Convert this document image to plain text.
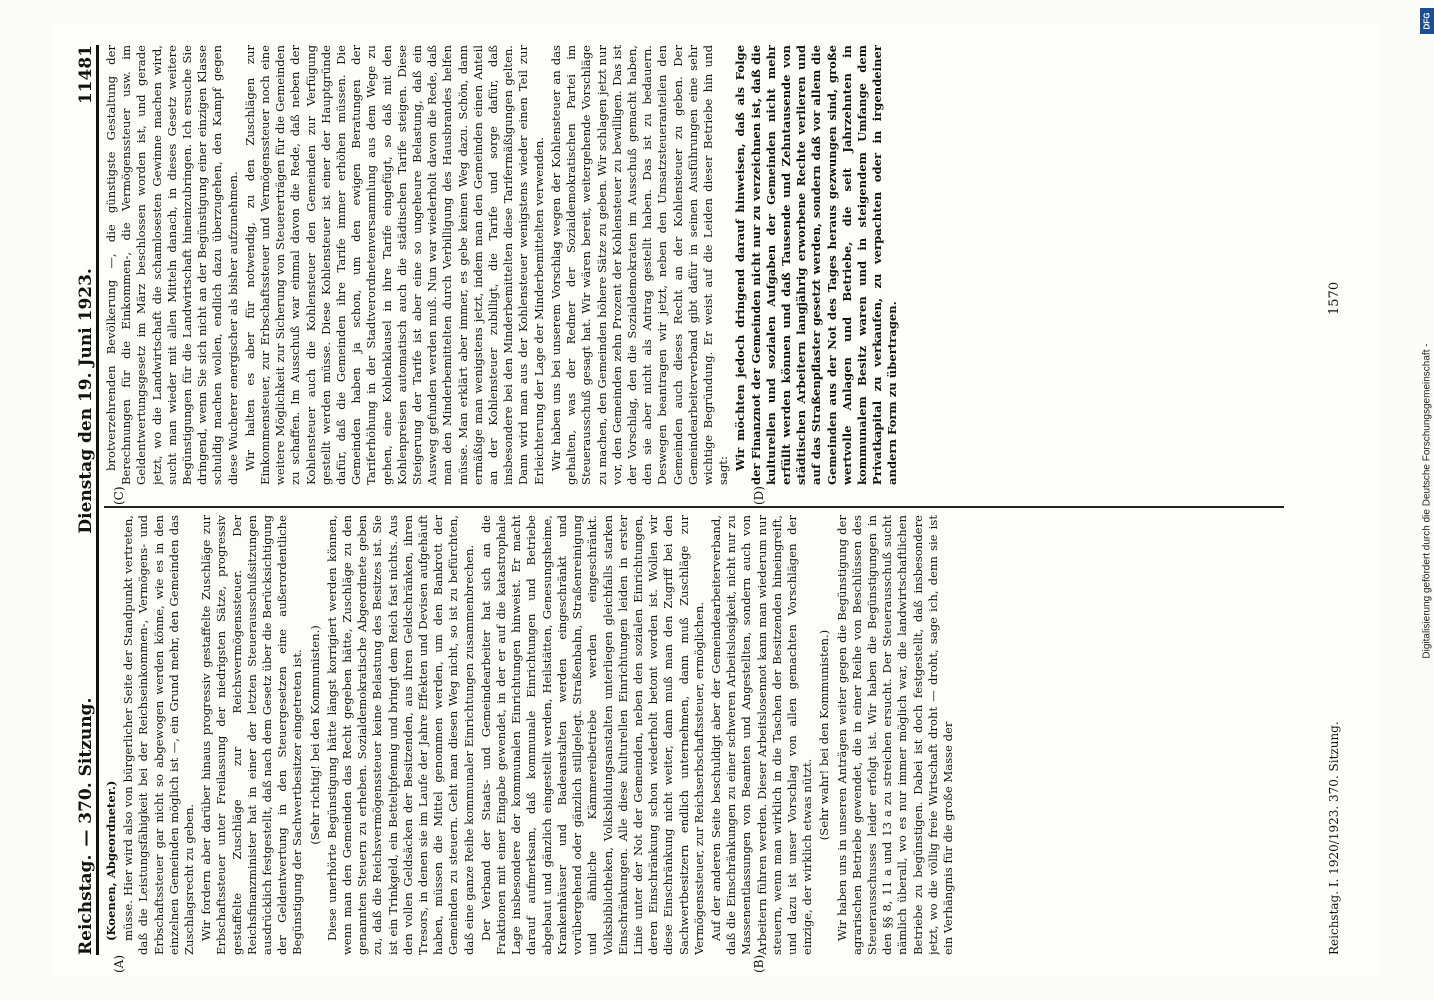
Reichstag.
— 370. Sitzung.
Dienstag den 19. Juni 1923.
11481

(Koenen, Abgeordneter.) müsse. Hier wird also von bürgerlicher Seite der Standpunkt vertreten, daß die Leistungsfähigkeit bei der Reichseinkommen-, Vermögens- und Erbschaftssteuer gar nicht so abgewogen werden könne, wie es in den einzelnen Gemeinden möglich ist —, ein Grund mehr, den Gemeinden das Zuschlagsrecht zu geben. Wir fordern aber darüber hinaus progressiv gestaffelte Zuschläge zur Erbschaftssteuer unter Freilassung der niedrigsten Sätze, progressiv gestaffelte Zuschläge zur Reichsvermögenssteuer. Der Reichsfinanzminister hat in einer der letzten Steuerausschußsitzungen ausdrücklich festgestellt, daß nach dem Gesetz über die Berücksichtigung der Geldentwertung in den Steuergesetzen eine außerordentliche Begünstigung der Sachwertbesitzer eingetreten ist. (Sehr richtig! bei den Kommunisten.) Diese unerhörte Begünstigung hätte längst korrigiert werden können, wenn man den Gemeinden das Recht gegeben hätte, Zuschläge zu den genannten Steuern zu erheben. Sozialdemokratische Abgeordnete geben zu, daß die Reichsvermögenssteuer keine Belastung des Besitzes ist. Sie ist ein Trinkgeld, ein Betteltpfennig und bringt dem Reich fast nichts. Aus den vollen Geldsäcken der Besitzenden, aus ihren Geldschränken, ihren Tresors, in denen sie im Laufe der Jahre Effekten und Devisen aufgehäuft haben, müssen die Mittel genommen werden, um den Bankrott der Gemeinden zu steuern. Geht man diesen Weg nicht, so ist zu befürchten, daß eine ganze Reihe kommunaler Einrichtungen zusammenbrechen. Der Verband der Staats- und Gemeindearbeiter hat sich an die Fraktionen mit einer Eingabe gewendet, in der er auf die katastrophale Lage insbesondere der kommunalen Einrichtungen hinweist. Er macht darauf aufmerksam, daß kommunale Einrichtungen und Betriebe abgebaut und gänzlich eingestellt werden, Heilstätten, Genesungsheime, Krankenhäuser und Badeanstalten werden eingeschränkt und vorübergehend oder gänzlich stillgelegt. Straßenbahn, Straßenreinigung und ähnliche Kämmereibetriebe werden eingeschränkt. Volksbibliotheken, Volksbildungsanstalten unterliegen gleichfalls starken Einschränkungen. Alle diese kulturellen Einrichtungen leiden in erster Linie unter der Not der Gemeinden, neben den sozialen Einrichtungen, deren Einschränkung schon wiederholt betont worden ist. Wollen wir diese Einschränkung nicht weiter, dann muß man den Zugriff bei den Sachwertbesitzern endlich unternehmen, dann muß Zuschläge zur Vermögenssteuer, zur Reichserbschaftssteuer, ermöglichen. Auf der anderen Seite beschuldigt aber der Gemeindearbeiterverband, daß die Einschränkungen zu einer schweren Arbeitslosigkeit, nicht nur zu Massenentlassungen von Beamten und Angestellten, sondern auch von Arbeitern führen werden. Dieser Arbeitslosennot kann man wiederum nur steuern, wenn man wirklich in die Taschen der Besitzenden hineingreift, und dazu ist unser Vorschlag von allen gemachten Vorschlägen der einzige, der wirklich etwas nützt.

(Sehr wahr! bei den Kommunisten.) Wir haben uns in unseren Anträgen weiter gegen die Begünstigung der agrarischen Betriebe gewendet, die in einer Reihe von Beschlüssen des Steuerausschusses leider erfolgt ist. Wir haben die Begünstigungen in den §§ 8, 11 a und 13 a zu streichen ersucht. Der Steuerausschuß sucht nämlich überall, wo es nur immer möglich war, die landwirtschaftlichen Betriebe zu begünstigen. Dabei ist doch festgestellt, daß insbesondere jetzt, wo die völlig freie Wirtschaft droht — droht, sage ich, denn sie ist ein Verhängnis für die große Masse der

brotverzehrenden Bevölkerung —, die günstigste Gestaltung der Berechnungen für die Einkommen-, die Vermögenssteuer usw. im Geldentwertungsgesetz im März beschlossen worden ist, und gerade jetzt, wo die Landwirtschaft die schamlosesten Gewinne machen wird, sucht man wieder mit allen Mitteln danach, in dieses Gesetz weitere Begünstigungen für die Landwirtschaft hineinzubringen. Ich ersuche Sie dringend, wenn Sie sich nicht an der Begünstigung einer einzigen Klasse schuldig machen wollen, endlich dazu überzugehen, den Kampf gegen diese Wucherer energischer als bisher aufzunehmen. Wir halten es aber für notwendig, zu den Zuschlägen zur Einkommensteuer, zur Erbschaftssteuer und Vermögenssteuer noch eine weitere Möglichkeit zur Sicherung von Steuererträgen für die Gemeinden zu schaffen. Im Ausschuß war einmal davon die Rede, daß neben der Kohlensteuer auch die Kohlensteuer den Gemeinden zur Verfügung gestellt werden müsse. Diese Kohlensteuer ist einer der Hauptgründe dafür, daß die Gemeinden ihre Tarife immer erhöhen müssen. Die Gemeinden haben ja schon, um den ewigen Beratungen der Tariferhöhung in der Stadtverordnetenversammlung aus dem Wege zu gehen, eine Kohlenklausel in ihre Tarife eingefügt, so daß mit den Kohlenpreisen automatisch auch die städtischen Tarife steigen. Diese Steigerung der Tarife ist aber eine so ungeheure Belastung, daß ein Ausweg gefunden werden muß. Nun war wiederholt davon die Rede, daß man den Minderbemittelten durch Verbilligung des Hausbrandes helfen müsse. Man erklärt aber immer, es gebe keinen Weg dazu. Schön, dann ermäßige man wenigstens jetzt, indem man den Gemeinden einen Anteil an der Kohlensteuer zubilligt, die Tarife und sorge dafür, daß insbesondere bei den Minderbemittelten diese Tarifermäßigungen gelten. Dann wird man aus der Kohlensteuer wenigstens wieder einen Teil zur Erleichterung der Lage der Minderbemittelten verwenden. Wir haben uns bei unserem Vorschlag wegen der Kohlensteuer an das gehalten, was der Redner der Sozialdemokratischen Partei im Steuerausschuß gesagt hat. Wir wären bereit, weitergehende Vorschläge zu machen, den Gemeinden höhere Sätze zu geben. Wir schlagen jetzt nur vor, den Gemeinden zehn Prozent der Kohlensteuer zu bewilligen. Das ist der Vorschlag, den die Sozialdemokraten im Ausschuß gemacht haben, den sie aber nicht als Antrag gestellt haben. Das ist zu bedauern. Deswegen beantragen wir jetzt, neben den Umsatzsteueranteilen den Gemeinden auch dieses Recht an der Kohlensteuer zu geben. Der Gemeindearbeiterverband gibt dafür in seinen Ausführungen eine sehr wichtige Begründung. Er weist auf die Leiden dieser Betriebe hin und sagt: Wir möchten jedoch dringend darauf hinweisen, daß als Folge der Finanznot der Gemeinden nicht nur zu verzeichnen ist, daß die kulturellen und sozialen Aufgaben der Gemeinden nicht mehr erfüllt werden können und daß Tausende und Zehntausende von städtischen Arbeitern langjährig erworbene Rechte verlieren und auf das Straßenpflaster gesetzt werden, sondern daß vor allem die Gemeinden aus der Not des Tages heraus gezwungen sind, große wertvolle Anlagen und Betriebe, die seit Jahrzehnten in kommunalem Besitz waren und in steigendem Umfange dem Privatkapital zu verkaufen, zu verpachten oder in irgendeiner andern Form zu übertragen.

(A)	(B)
(C)	(D)
Reichstag. I. 1920/1923. 370. Sitzung.
1570
Digitalisierung gefördert durch die Deutsche Forschungsgemeinschaft -
DFG
